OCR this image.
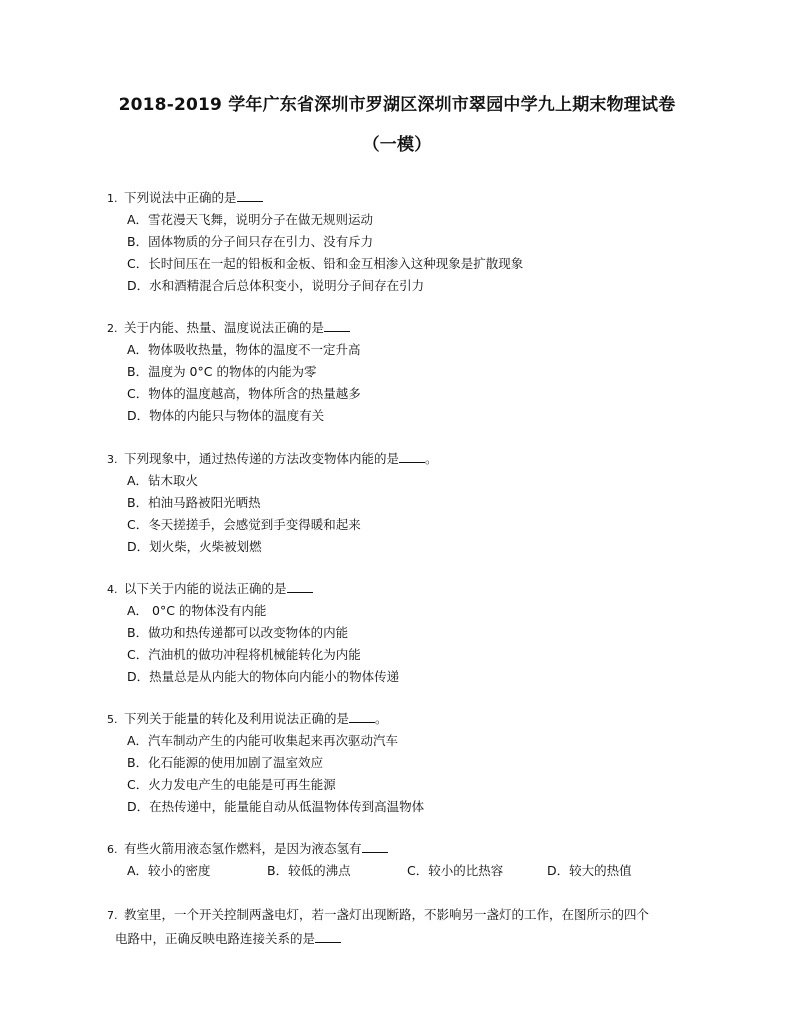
2018-2019 学年广东省深圳市罗湖区深圳市翠园中学九上期末物理试卷
（一模）
1. 下列说法中正确的是
A．雪花漫天飞舞，说明分子在做无规则运动
B．固体物质的分子间只存在引力、没有斥力
C．长时间压在一起的铅板和金板、铅和金互相渗入这种现象是扩散现象
D．水和酒精混合后总体积变小，说明分子间存在引力
2. 关于内能、热量、温度说法正确的是
A．物体吸收热量，物体的温度不一定升高
B．温度为 0°C 的物体的内能为零
C．物体的温度越高，物体所含的热量越多
D．物体的内能只与物体的温度有关
3. 下列现象中，通过热传递的方法改变物体内能的是 。
A．钻木取火
B．柏油马路被阳光晒热
C．冬天搓搓手，会感觉到手变得暖和起来
D．划火柴，火柴被划燃
4. 以下关于内能的说法正确的是
A． 0°C 的物体没有内能
B．做功和热传递都可以改变物体的内能
C．汽油机的做功冲程将机械能转化为内能
D．热量总是从内能大的物体向内能小的物体传递
5. 下列关于能量的转化及利用说法正确的是 。
A．汽车制动产生的内能可收集起来再次驱动汽车
B．化石能源的使用加剧了温室效应
C．火力发电产生的电能是可再生能源
D．在热传递中，能量能自动从低温物体传到高温物体
6. 有些火箭用液态氢作燃料，是因为液态氢有
A．较小的密度	B．较低的沸点	C．较小的比热容	D．较大的热值
7. 教室里，一个开关控制两盏电灯，若一盏灯出现断路，不影响另一盏灯的工作，在图所示的四个
电路中，正确反映电路连接关系的是
